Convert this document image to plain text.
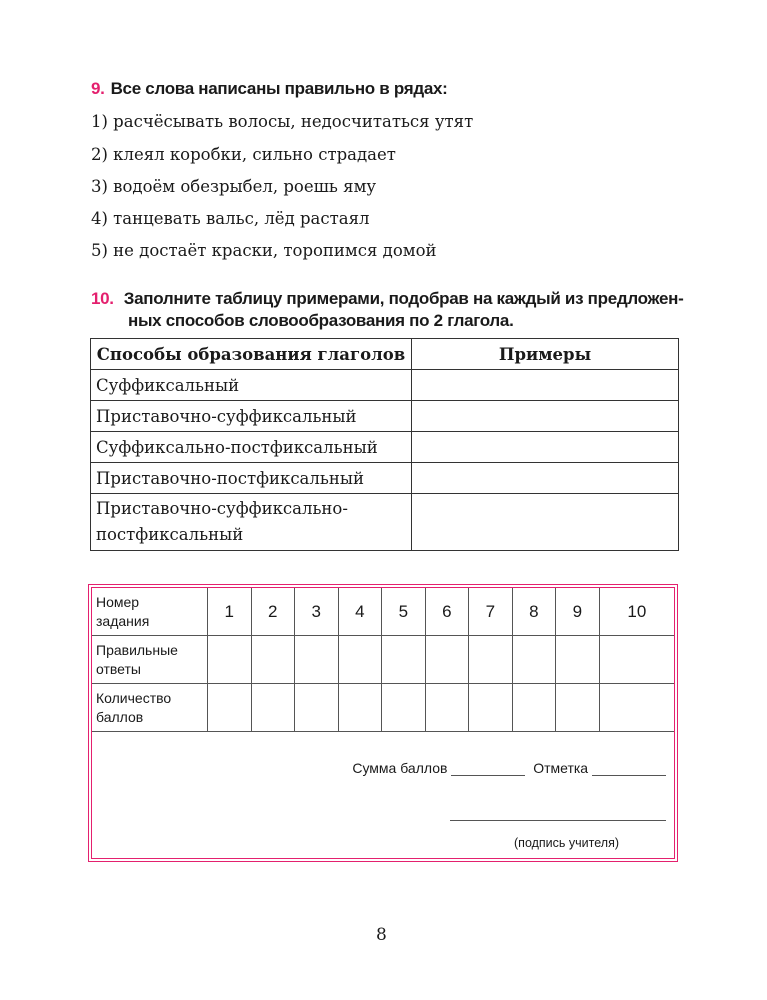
9. Все слова написаны правильно в рядах:
1) расчёсывать волосы, недосчитаться утят
2) клеял коробки, сильно страдает
3) водоём обезрыбел, роешь яму
4) танцевать вальс, лёд растаял
5) не достаёт краски, торопимся домой
10. Заполните таблицу примерами, подобрав на каждый из предложен-
ных способов словообразования по 2 глагола.
Способы образования глаголов	Примеры
Суффиксальный	
Приставочно-суффиксальный	
Суффиксально-постфиксальный	
Приставочно-постфиксальный	
Приставочно-суффиксально-
постфиксальный	
Номер
задания	1	2	3	4	5	6	7	8	9	10
Правильные
ответы										
Количество
баллов										
Сумма баллов	Отметка
(подпись учителя)
8
